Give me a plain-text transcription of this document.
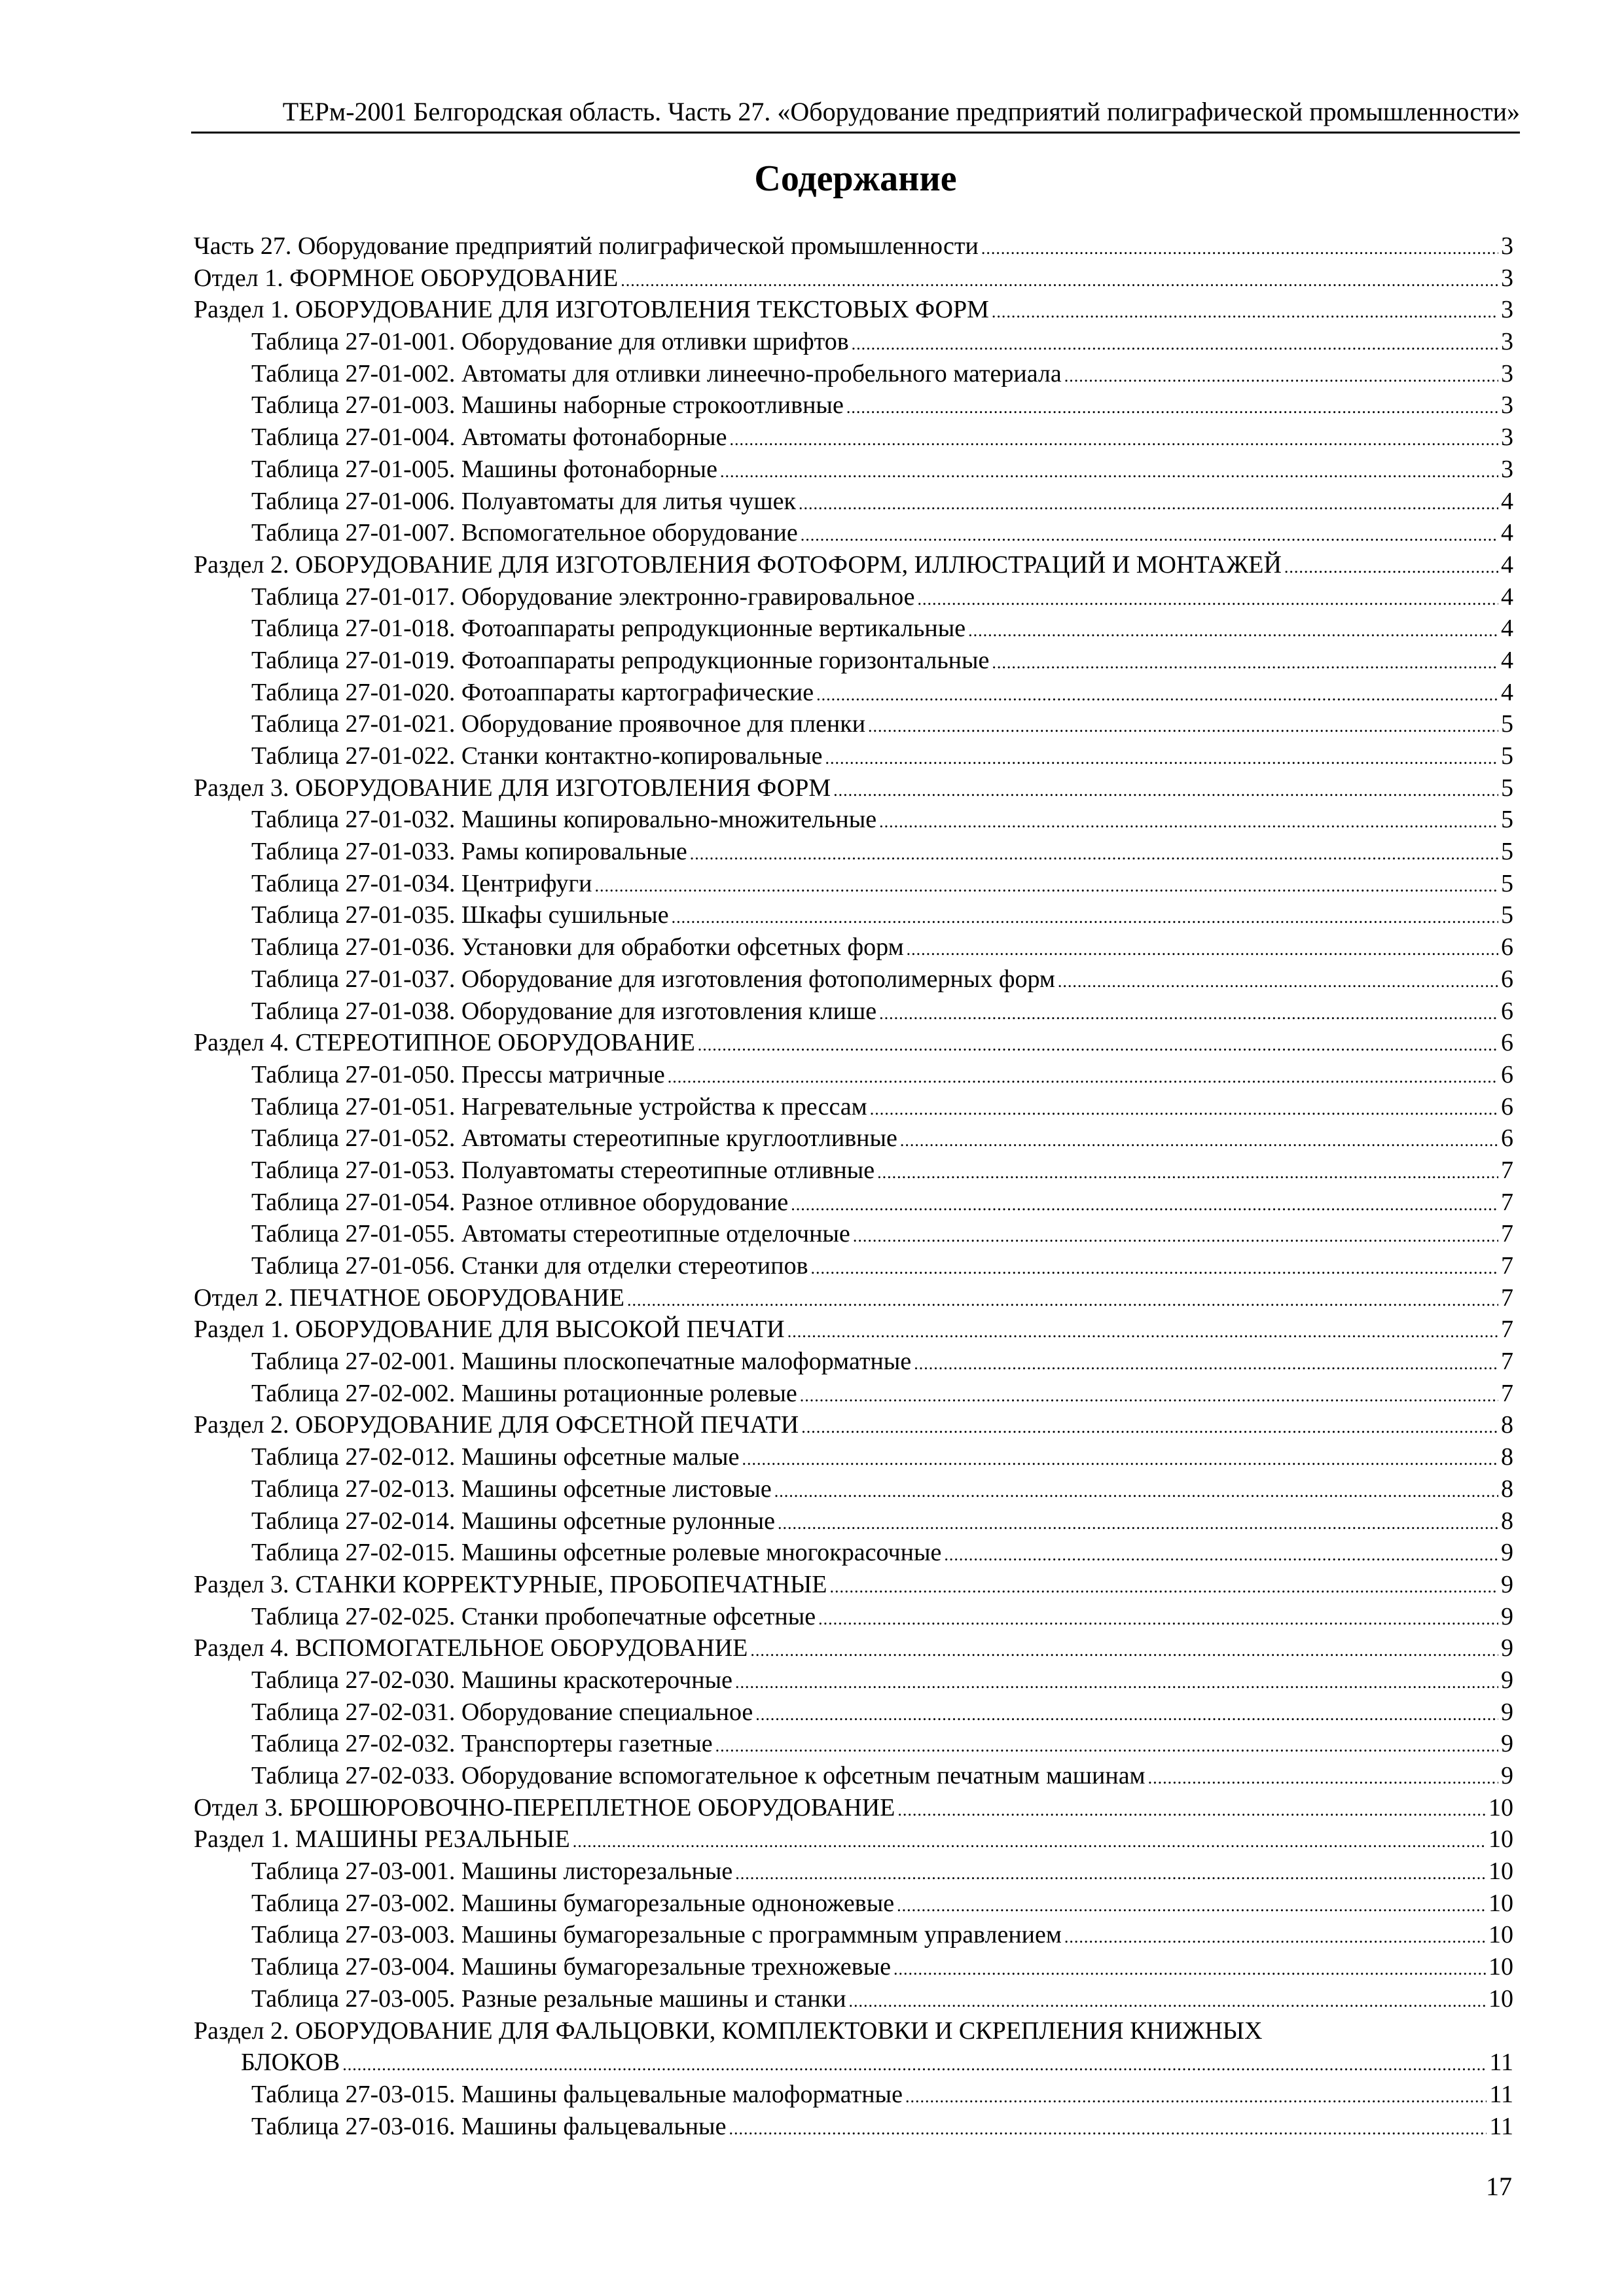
ТЕРм-2001 Белгородская область. Часть 27. «Оборудование предприятий полиграфической промышленности»
Содержание
Часть 27. Оборудование предприятий полиграфической промышленности .....	3
Отдел 1. ФОРМНОЕ ОБОРУДОВАНИЕ .....	3
Раздел 1. ОБОРУДОВАНИЕ ДЛЯ ИЗГОТОВЛЕНИЯ ТЕКСТОВЫХ ФОРМ .....	3
Таблица 27-01-001. Оборудование для отливки шрифтов .....	3
Таблица 27-01-002. Автоматы для отливки линеечно-пробельного материала .....	3
Таблица 27-01-003. Машины наборные строкоотливные .....	3
Таблица 27-01-004. Автоматы фотонаборные .....	3
Таблица 27-01-005. Машины фотонаборные .....	3
Таблица 27-01-006. Полуавтоматы для литья чушек .....	4
Таблица 27-01-007. Вспомогательное оборудование .....	4
Раздел 2. ОБОРУДОВАНИЕ ДЛЯ ИЗГОТОВЛЕНИЯ ФОТОФОРМ, ИЛЛЮСТРАЦИЙ И МОНТАЖЕЙ .....	4
Таблица 27-01-017. Оборудование электронно-гравировальное .....	4
Таблица 27-01-018. Фотоаппараты репродукционные вертикальные .....	4
Таблица 27-01-019. Фотоаппараты репродукционные горизонтальные .....	4
Таблица 27-01-020. Фотоаппараты картографические .....	4
Таблица 27-01-021. Оборудование проявочное для пленки .....	5
Таблица 27-01-022. Станки контактно-копировальные .....	5
Раздел 3. ОБОРУДОВАНИЕ ДЛЯ ИЗГОТОВЛЕНИЯ ФОРМ .....	5
Таблица 27-01-032. Машины копировально-множительные .....	5
Таблица 27-01-033. Рамы копировальные .....	5
Таблица 27-01-034. Центрифуги .....	5
Таблица 27-01-035. Шкафы сушильные .....	5
Таблица 27-01-036. Установки для обработки офсетных форм .....	6
Таблица 27-01-037. Оборудование для изготовления фотополимерных форм .....	6
Таблица 27-01-038. Оборудование для изготовления клише .....	6
Раздел 4. СТЕРЕОТИПНОЕ ОБОРУДОВАНИЕ .....	6
Таблица 27-01-050. Прессы матричные .....	6
Таблица 27-01-051. Нагревательные устройства к прессам .....	6
Таблица 27-01-052. Автоматы стереотипные круглоотливные .....	6
Таблица 27-01-053. Полуавтоматы стереотипные отливные .....	7
Таблица 27-01-054. Разное отливное оборудование .....	7
Таблица 27-01-055. Автоматы стереотипные отделочные .....	7
Таблица 27-01-056. Станки для отделки стереотипов .....	7
Отдел 2. ПЕЧАТНОЕ ОБОРУДОВАНИЕ .....	7
Раздел 1. ОБОРУДОВАНИЕ ДЛЯ ВЫСОКОЙ ПЕЧАТИ .....	7
Таблица 27-02-001. Машины плоскопечатные малоформатные .....	7
Таблица 27-02-002. Машины ротационные ролевые .....	7
Раздел 2. ОБОРУДОВАНИЕ ДЛЯ ОФСЕТНОЙ ПЕЧАТИ .....	8
Таблица 27-02-012. Машины офсетные малые .....	8
Таблица 27-02-013. Машины офсетные листовые .....	8
Таблица 27-02-014. Машины офсетные рулонные .....	8
Таблица 27-02-015. Машины офсетные ролевые многокрасочные .....	9
Раздел 3. СТАНКИ КОРРЕКТУРНЫЕ, ПРОБОПЕЧАТНЫЕ .....	9
Таблица 27-02-025. Станки пробопечатные офсетные .....	9
Раздел 4. ВСПОМОГАТЕЛЬНОЕ ОБОРУДОВАНИЕ .....	9
Таблица 27-02-030. Машины краскотерочные .....	9
Таблица 27-02-031. Оборудование специальное .....	9
Таблица 27-02-032. Транспортеры газетные .....	9
Таблица 27-02-033. Оборудование вспомогательное к офсетным печатным машинам .....	9
Отдел 3. БРОШЮРОВОЧНО-ПЕРЕПЛЕТНОЕ ОБОРУДОВАНИЕ .....	10
Раздел 1. МАШИНЫ РЕЗАЛЬНЫЕ .....	10
Таблица 27-03-001. Машины листорезальные .....	10
Таблица 27-03-002. Машины бумагорезальные одноножевые .....	10
Таблица 27-03-003. Машины бумагорезальные с программным управлением .....	10
Таблица 27-03-004. Машины бумагорезальные трехножевые .....	10
Таблица 27-03-005. Разные резальные машины и станки .....	10
Раздел 2. ОБОРУДОВАНИЕ ДЛЯ ФАЛЬЦОВКИ, КОМПЛЕКТОВКИ И СКРЕПЛЕНИЯ КНИЖНЫХ
БЛОКОВ .....	11
Таблица 27-03-015. Машины фальцевальные малоформатные .....	11
Таблица 27-03-016. Машины фальцевальные .....	11
17
